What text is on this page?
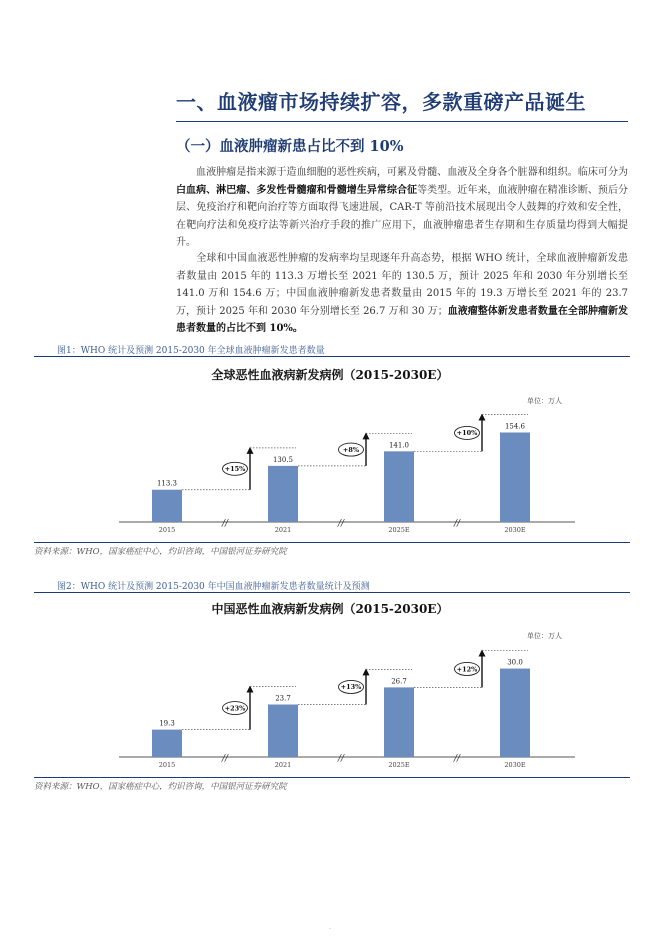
一、血液瘤市场持续扩容，多款重磅产品诞生
（一）血液肿瘤新患占比不到 10%
血液肿瘤是指来源于造血细胞的恶性疾病，可累及骨髓、血液及全身各个脏器和组织。临床可分为白血病、淋巴瘤、多发性骨髓瘤和骨髓增生异常综合征等类型。近年来，血液肿瘤在精准诊断、预后分层、免疫治疗和靶向治疗等方面取得飞速进展，CAR-T 等前沿技术展现出令人鼓舞的疗效和安全性，在靶向疗法和免疫疗法等新兴治疗手段的推广应用下，血液肿瘤患者生存期和生存质量均得到大幅提升。
全球和中国血液恶性肿瘤的发病率均呈现逐年升高态势，根据 WHO 统计，全球血液肿瘤新发患者数量由 2015 年的 113.3 万增长至 2021 年的 130.5 万，预计 2025 年和 2030 年分别增长至 141.0 万和 154.6 万；中国血液肿瘤新发患者数量由 2015 年的 19.3 万增长至 2021 年的 23.7 万，预计 2025 年和 2030 年分别增长至 26.7 万和 30 万；血液瘤整体新发患者数量在全部肿瘤新发患者数量的占比不到 10%。
图1：WHO 统计及预测 2015-2030 年全球血液肿瘤新发患者数量
全球恶性血液病新发病例（2015-2030E）
单位：万人
113.3
2015
130.5
2021
141.0
2025E
154.6
2030E
//	//	//
+15%
+8%
+10%
资料来源：WHO，国家癌症中心，灼识咨询，中国银河证券研究院
图2：WHO 统计及预测 2015-2030 年中国血液肿瘤新发患者数量统计及预测
中国恶性血液病新发病例（2015-2030E）
单位：万人
19.3
2015
23.7
2021
26.7
2025E
30.0
2030E
//	//	//
+23%
+13%
+12%
资料来源：WHO，国家癌症中心，灼识咨询，中国银河证券研究院
·
